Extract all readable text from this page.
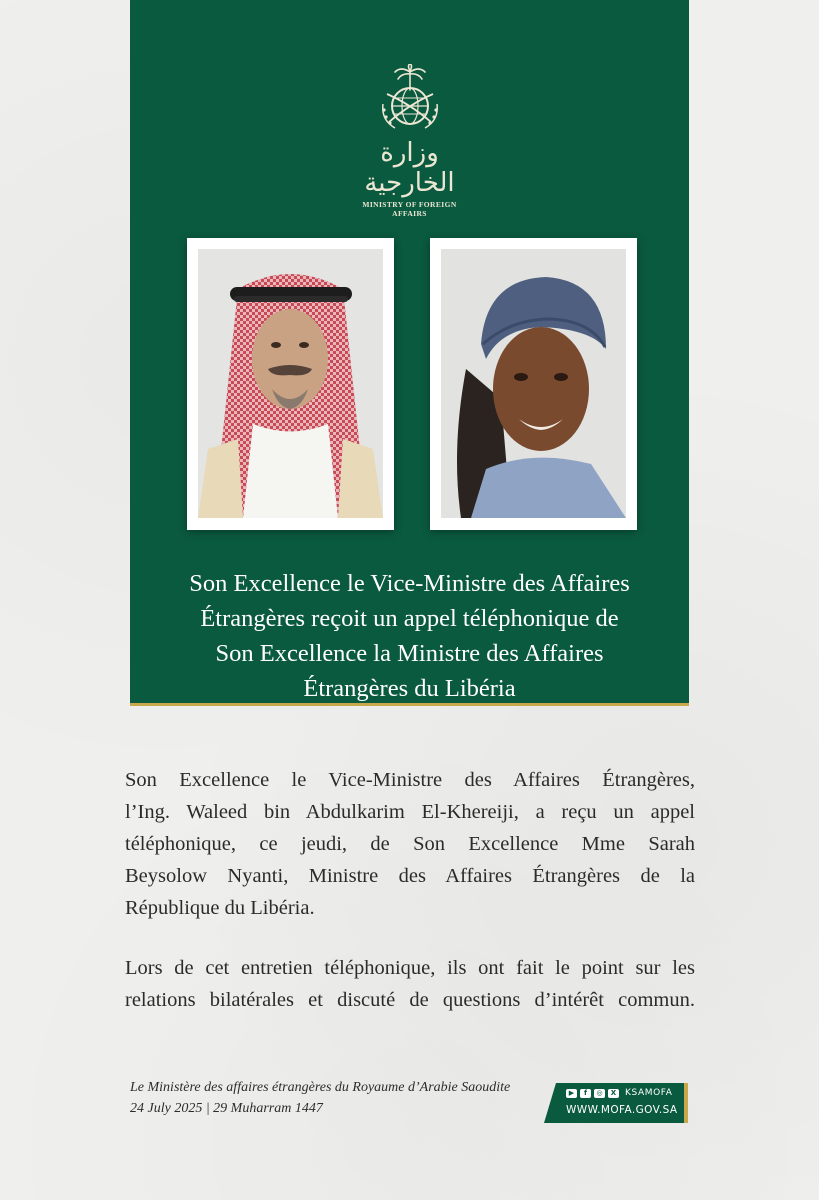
وزارة الخارجية
MINISTRY OF FOREIGN AFFAIRS
Son Excellence le Vice-Ministre des Affaires
Étrangères reçoit un appel téléphonique de
Son Excellence la Ministre des Affaires
Étrangères du Libéria
Son Excellence le Vice-Ministre des Affaires Étrangères,
l’Ing. Waleed bin Abdulkarim El-Khereiji, a reçu un appel
téléphonique, ce jeudi, de Son Excellence Mme Sarah
Beysolow Nyanti, Ministre des Affaires Étrangères de la
République du Libéria.
Lors de cet entretien téléphonique, ils ont fait le point sur les
relations bilatérales et discuté de questions d’intérêt commun.
Le Ministère des affaires étrangères du Royaume d’Arabie Saoudite
24 July 2025 | 29 Muharram 1447
▶	f	◎	X KSAMOFA
WWW.MOFA.GOV.SA
